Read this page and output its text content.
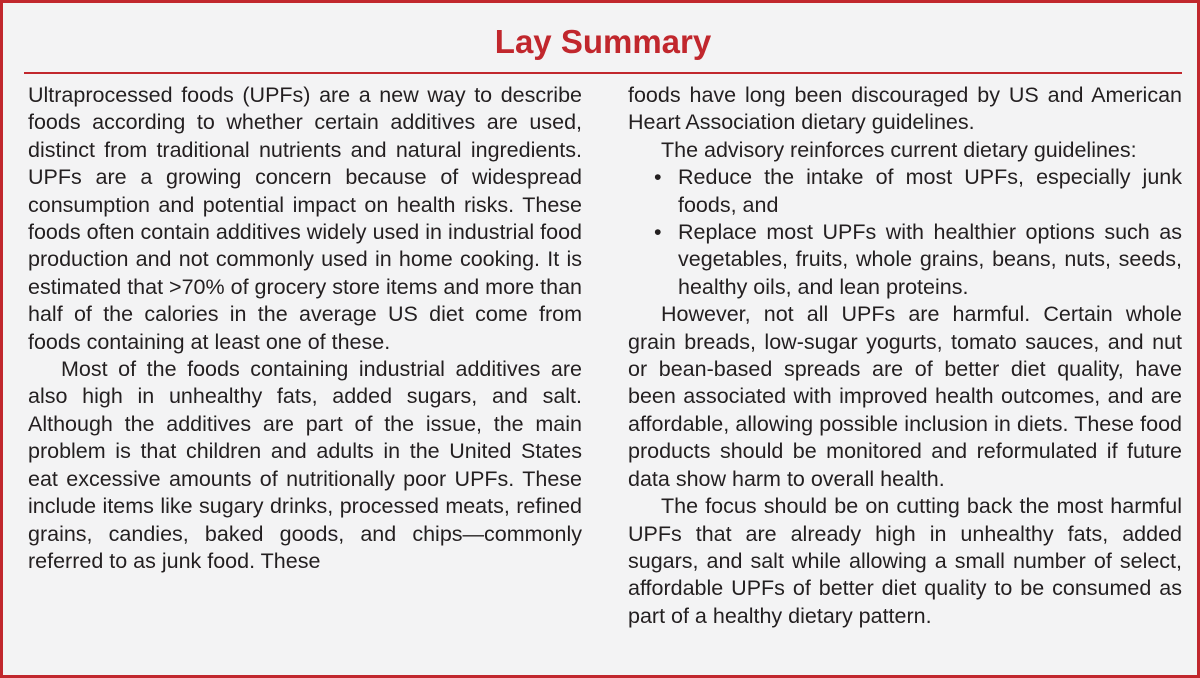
Lay Summary

Ultraprocessed foods (UPFs) are a new way to describe foods according to whether certain additives are used, distinct from traditional nutrients and natural ingredients. UPFs are a growing concern because of widespread consumption and potential impact on health risks. These foods often contain additives widely used in industrial food production and not commonly used in home cooking. It is estimated that >70% of grocery store items and more than half of the calories in the average US diet come from foods containing at least one of these.

Most of the foods containing industrial additives are also high in unhealthy fats, added sugars, and salt. Although the additives are part of the issue, the main problem is that children and adults in the United States eat excessive amounts of nutritionally poor UPFs. These include items like sugary drinks, processed meats, refined grains, candies, baked goods, and chips—commonly referred to as junk food. These

foods have long been discouraged by US and American Heart Association dietary guidelines.

The advisory reinforces current dietary guidelines:

• Reduce the intake of most UPFs, especially junk foods, and
• Replace most UPFs with healthier options such as vegetables, fruits, whole grains, beans, nuts, seeds, healthy oils, and lean proteins.

However, not all UPFs are harmful. Certain whole grain breads, low-sugar yogurts, tomato sauces, and nut or bean-based spreads are of better diet quality, have been associated with improved health outcomes, and are affordable, allowing possible inclusion in diets. These food products should be monitored and reformulated if future data show harm to overall health.

The focus should be on cutting back the most harmful UPFs that are already high in unhealthy fats, added sugars, and salt while allowing a small number of select, affordable UPFs of better diet quality to be consumed as part of a healthy dietary pattern.
